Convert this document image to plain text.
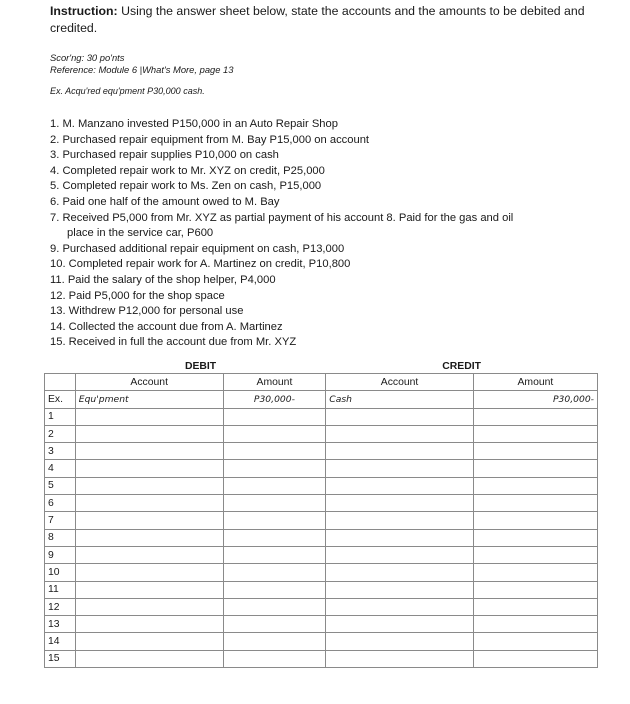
Instruction: Using the answer sheet below, state the accounts and the amounts to be debited and credited.
Scor'ng: 30 po'nts
Reference: Module 6 |What's More, page 13
Ex. Acqu'red equ'pment P30,000 cash.
1. M. Manzano invested P150,000 in an Auto Repair Shop
2. Purchased repair equipment from M. Bay P15,000 on account
3. Purchased repair supplies P10,000 on cash
4. Completed repair work to Mr. XYZ on credit, P25,000
5. Completed repair work to Ms. Zen on cash, P15,000
6. Paid one half of the amount owed to M. Bay
7. Received P5,000 from Mr. XYZ as partial payment of his account 8. Paid for the gas and oil
place in the service car, P600
9. Purchased additional repair equipment on cash, P13,000
10. Completed repair work for A. Martinez on credit, P10,800
11. Paid the salary of the shop helper, P4,000
12. Paid P5,000 for the shop space
13. Withdrew P12,000 for personal use
14. Collected the account due from A. Martinez
15. Received in full the account due from Mr. XYZ
	DEBIT		CREDIT	
	Account	Amount	Account	Amount
Ex.	Equ'pment	P30,000-	Cash	P30,000-
1				
2				
3				
4				
5				
6				
7				
8				
9				
10				
11				
12				
13				
14				
15				
